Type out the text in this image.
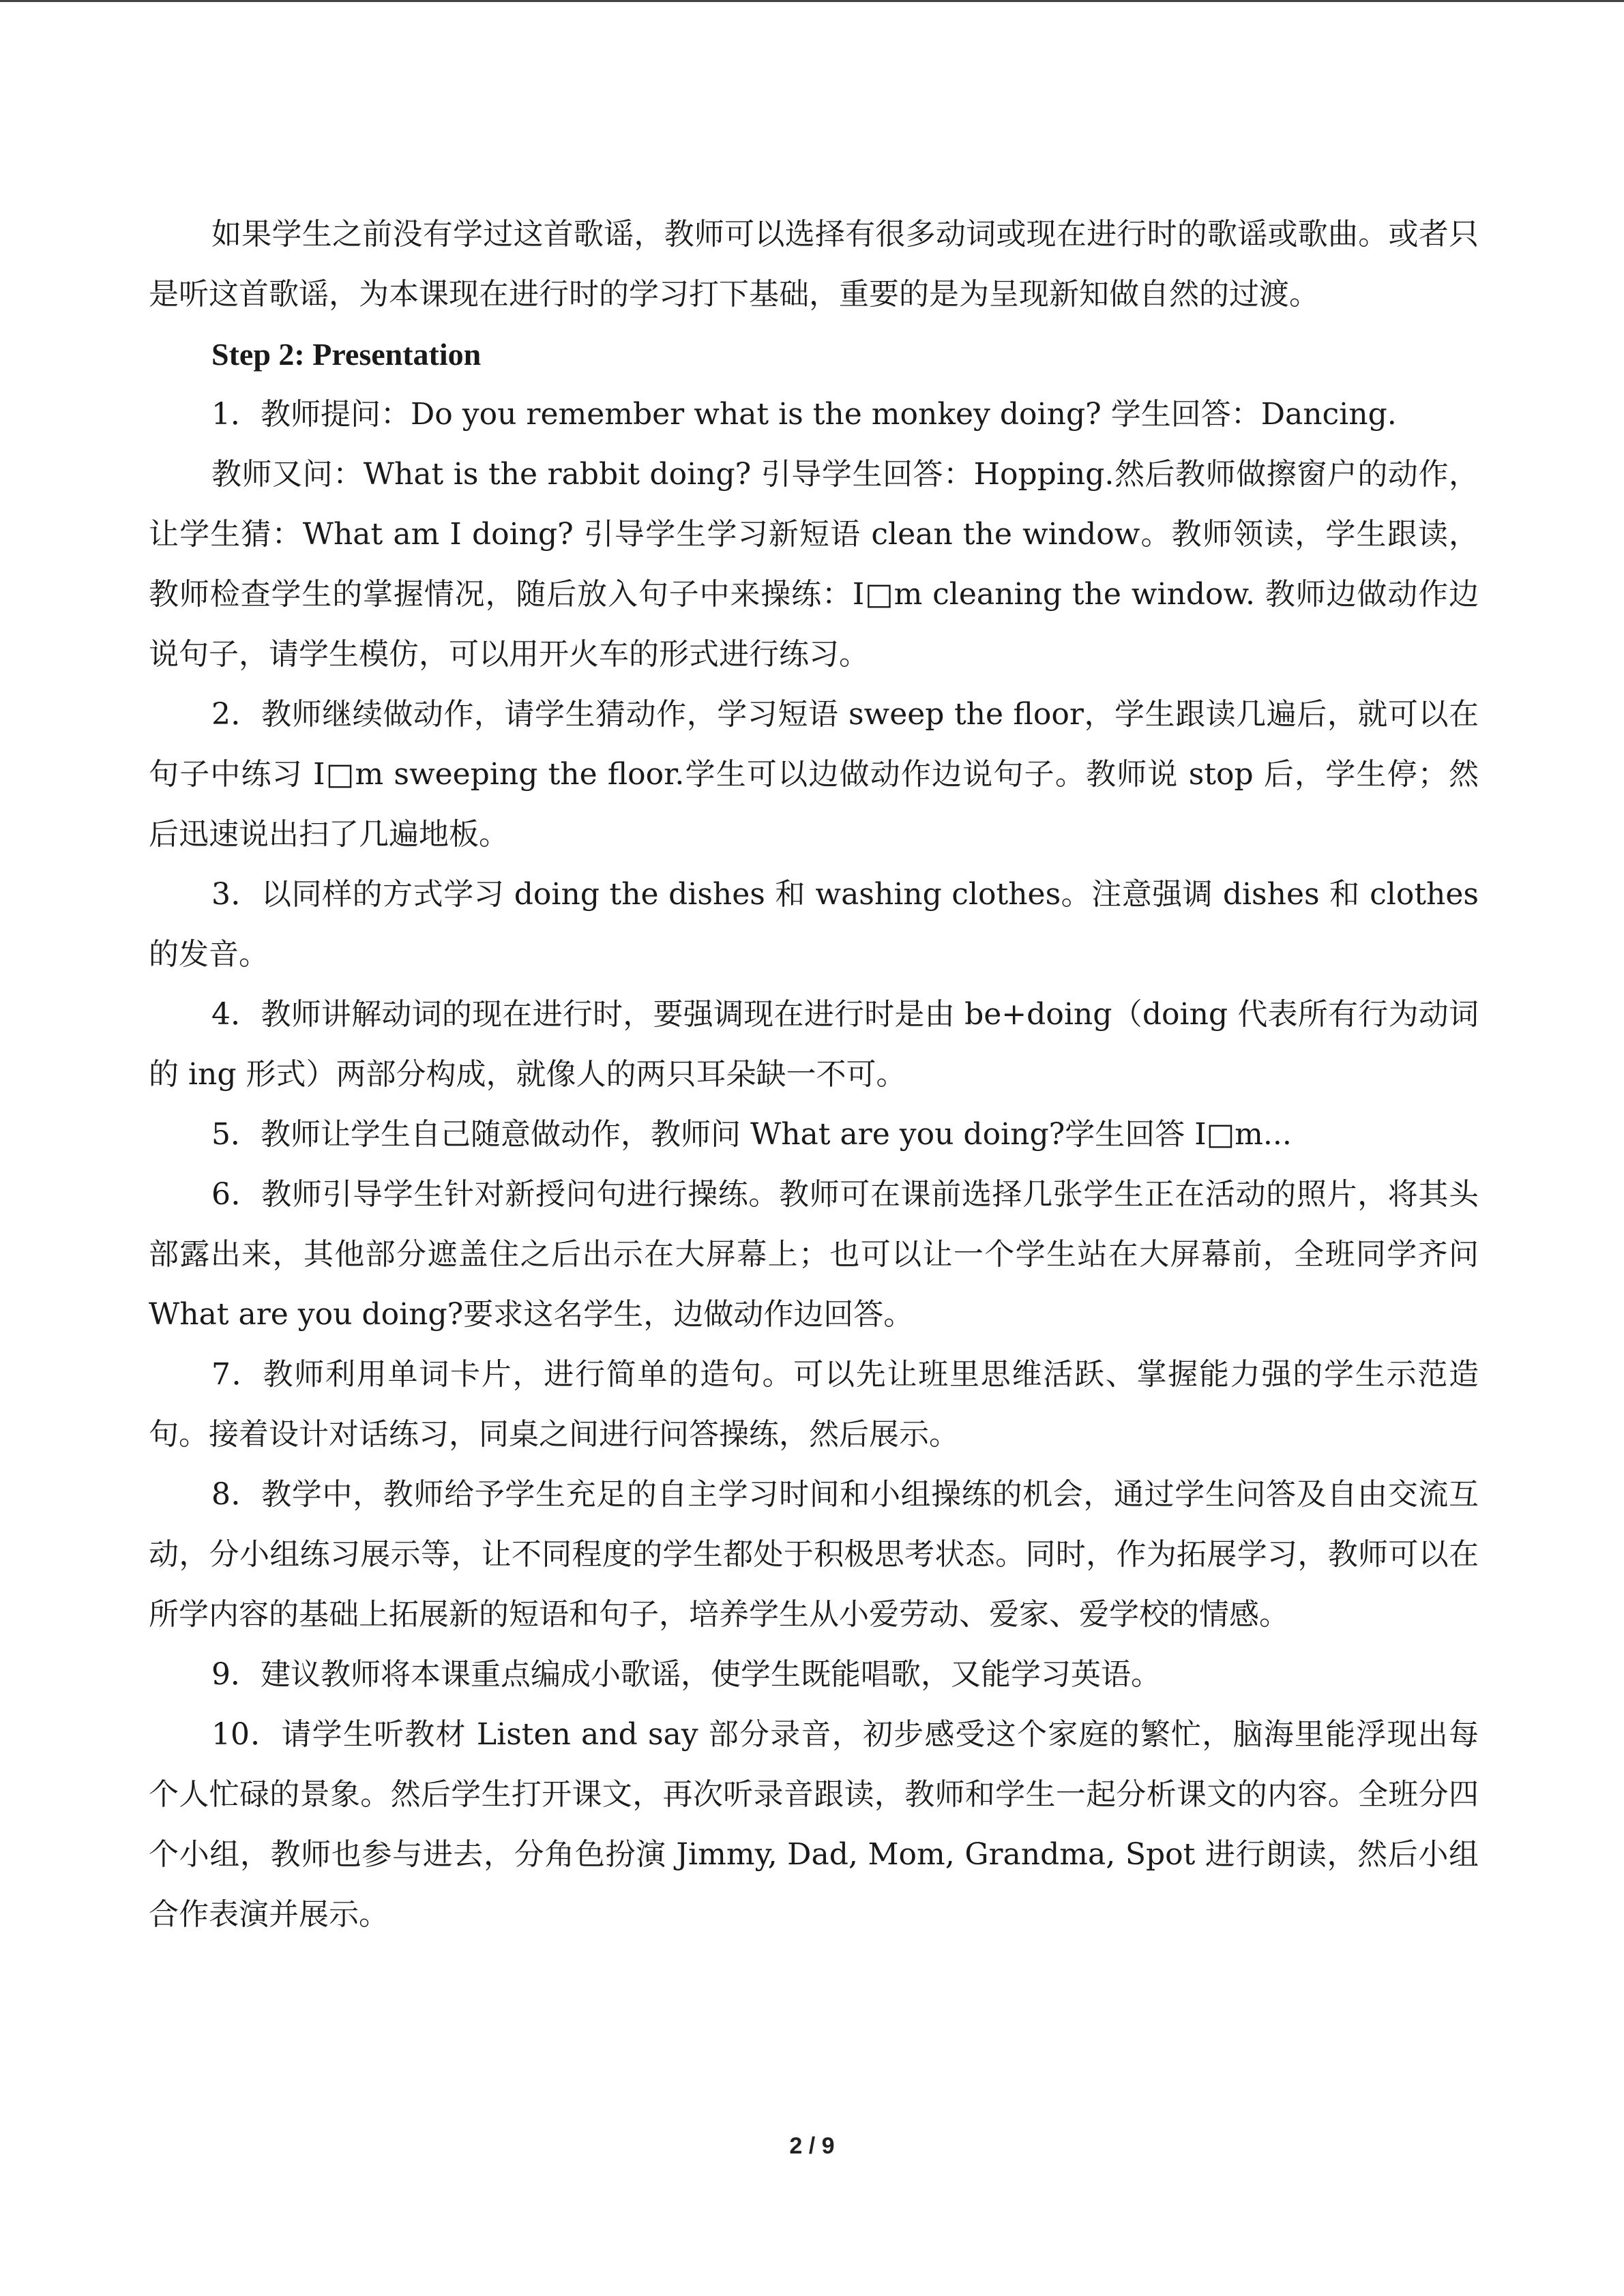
如果学生之前没有学过这首歌谣，教师可以选择有很多动词或现在进行时的歌谣或歌曲。或者只是听这首歌谣，为本课现在进行时的学习打下基础，重要的是为呈现新知做自然的过渡。

Step 2: Presentation

1．教师提问：Do you remember what is the monkey doing? 学生回答：Dancing.

教师又问：What is the rabbit doing? 引导学生回答：Hopping.然后教师做擦窗户的动作，让学生猜：What am I doing? 引导学生学习新短语 clean the window。教师领读，学生跟读，教师检查学生的掌握情况，随后放入句子中来操练：I□m cleaning the window. 教师边做动作边说句子，请学生模仿，可以用开火车的形式进行练习。

2．教师继续做动作，请学生猜动作，学习短语 sweep the floor，学生跟读几遍后，就可以在句子中练习 I□m sweeping the floor.学生可以边做动作边说句子。教师说 stop 后，学生停；然后迅速说出扫了几遍地板。

3．以同样的方式学习 doing the dishes 和 washing clothes。注意强调 dishes 和 clothes 的发音。

4．教师讲解动词的现在进行时，要强调现在进行时是由 be+doing（doing 代表所有行为动词的 ing 形式）两部分构成，就像人的两只耳朵缺一不可。

5．教师让学生自己随意做动作，教师问 What are you doing?学生回答 I□m...

6．教师引导学生针对新授问句进行操练。教师可在课前选择几张学生正在活动的照片，将其头部露出来，其他部分遮盖住之后出示在大屏幕上；也可以让一个学生站在大屏幕前，全班同学齐问 What are you doing?要求这名学生，边做动作边回答。

7．教师利用单词卡片，进行简单的造句。可以先让班里思维活跃、掌握能力强的学生示范造句。接着设计对话练习，同桌之间进行问答操练，然后展示。

8．教学中，教师给予学生充足的自主学习时间和小组操练的机会，通过学生问答及自由交流互动，分小组练习展示等，让不同程度的学生都处于积极思考状态。同时，作为拓展学习，教师可以在所学内容的基础上拓展新的短语和句子，培养学生从小爱劳动、爱家、爱学校的情感。

9．建议教师将本课重点编成小歌谣，使学生既能唱歌，又能学习英语。

10．请学生听教材 Listen and say 部分录音，初步感受这个家庭的繁忙，脑海里能浮现出每个人忙碌的景象。然后学生打开课文，再次听录音跟读，教师和学生一起分析课文的内容。全班分四个小组，教师也参与进去，分角色扮演 Jimmy, Dad, Mom, Grandma, Spot 进行朗读，然后小组合作表演并展示。

2 / 9
